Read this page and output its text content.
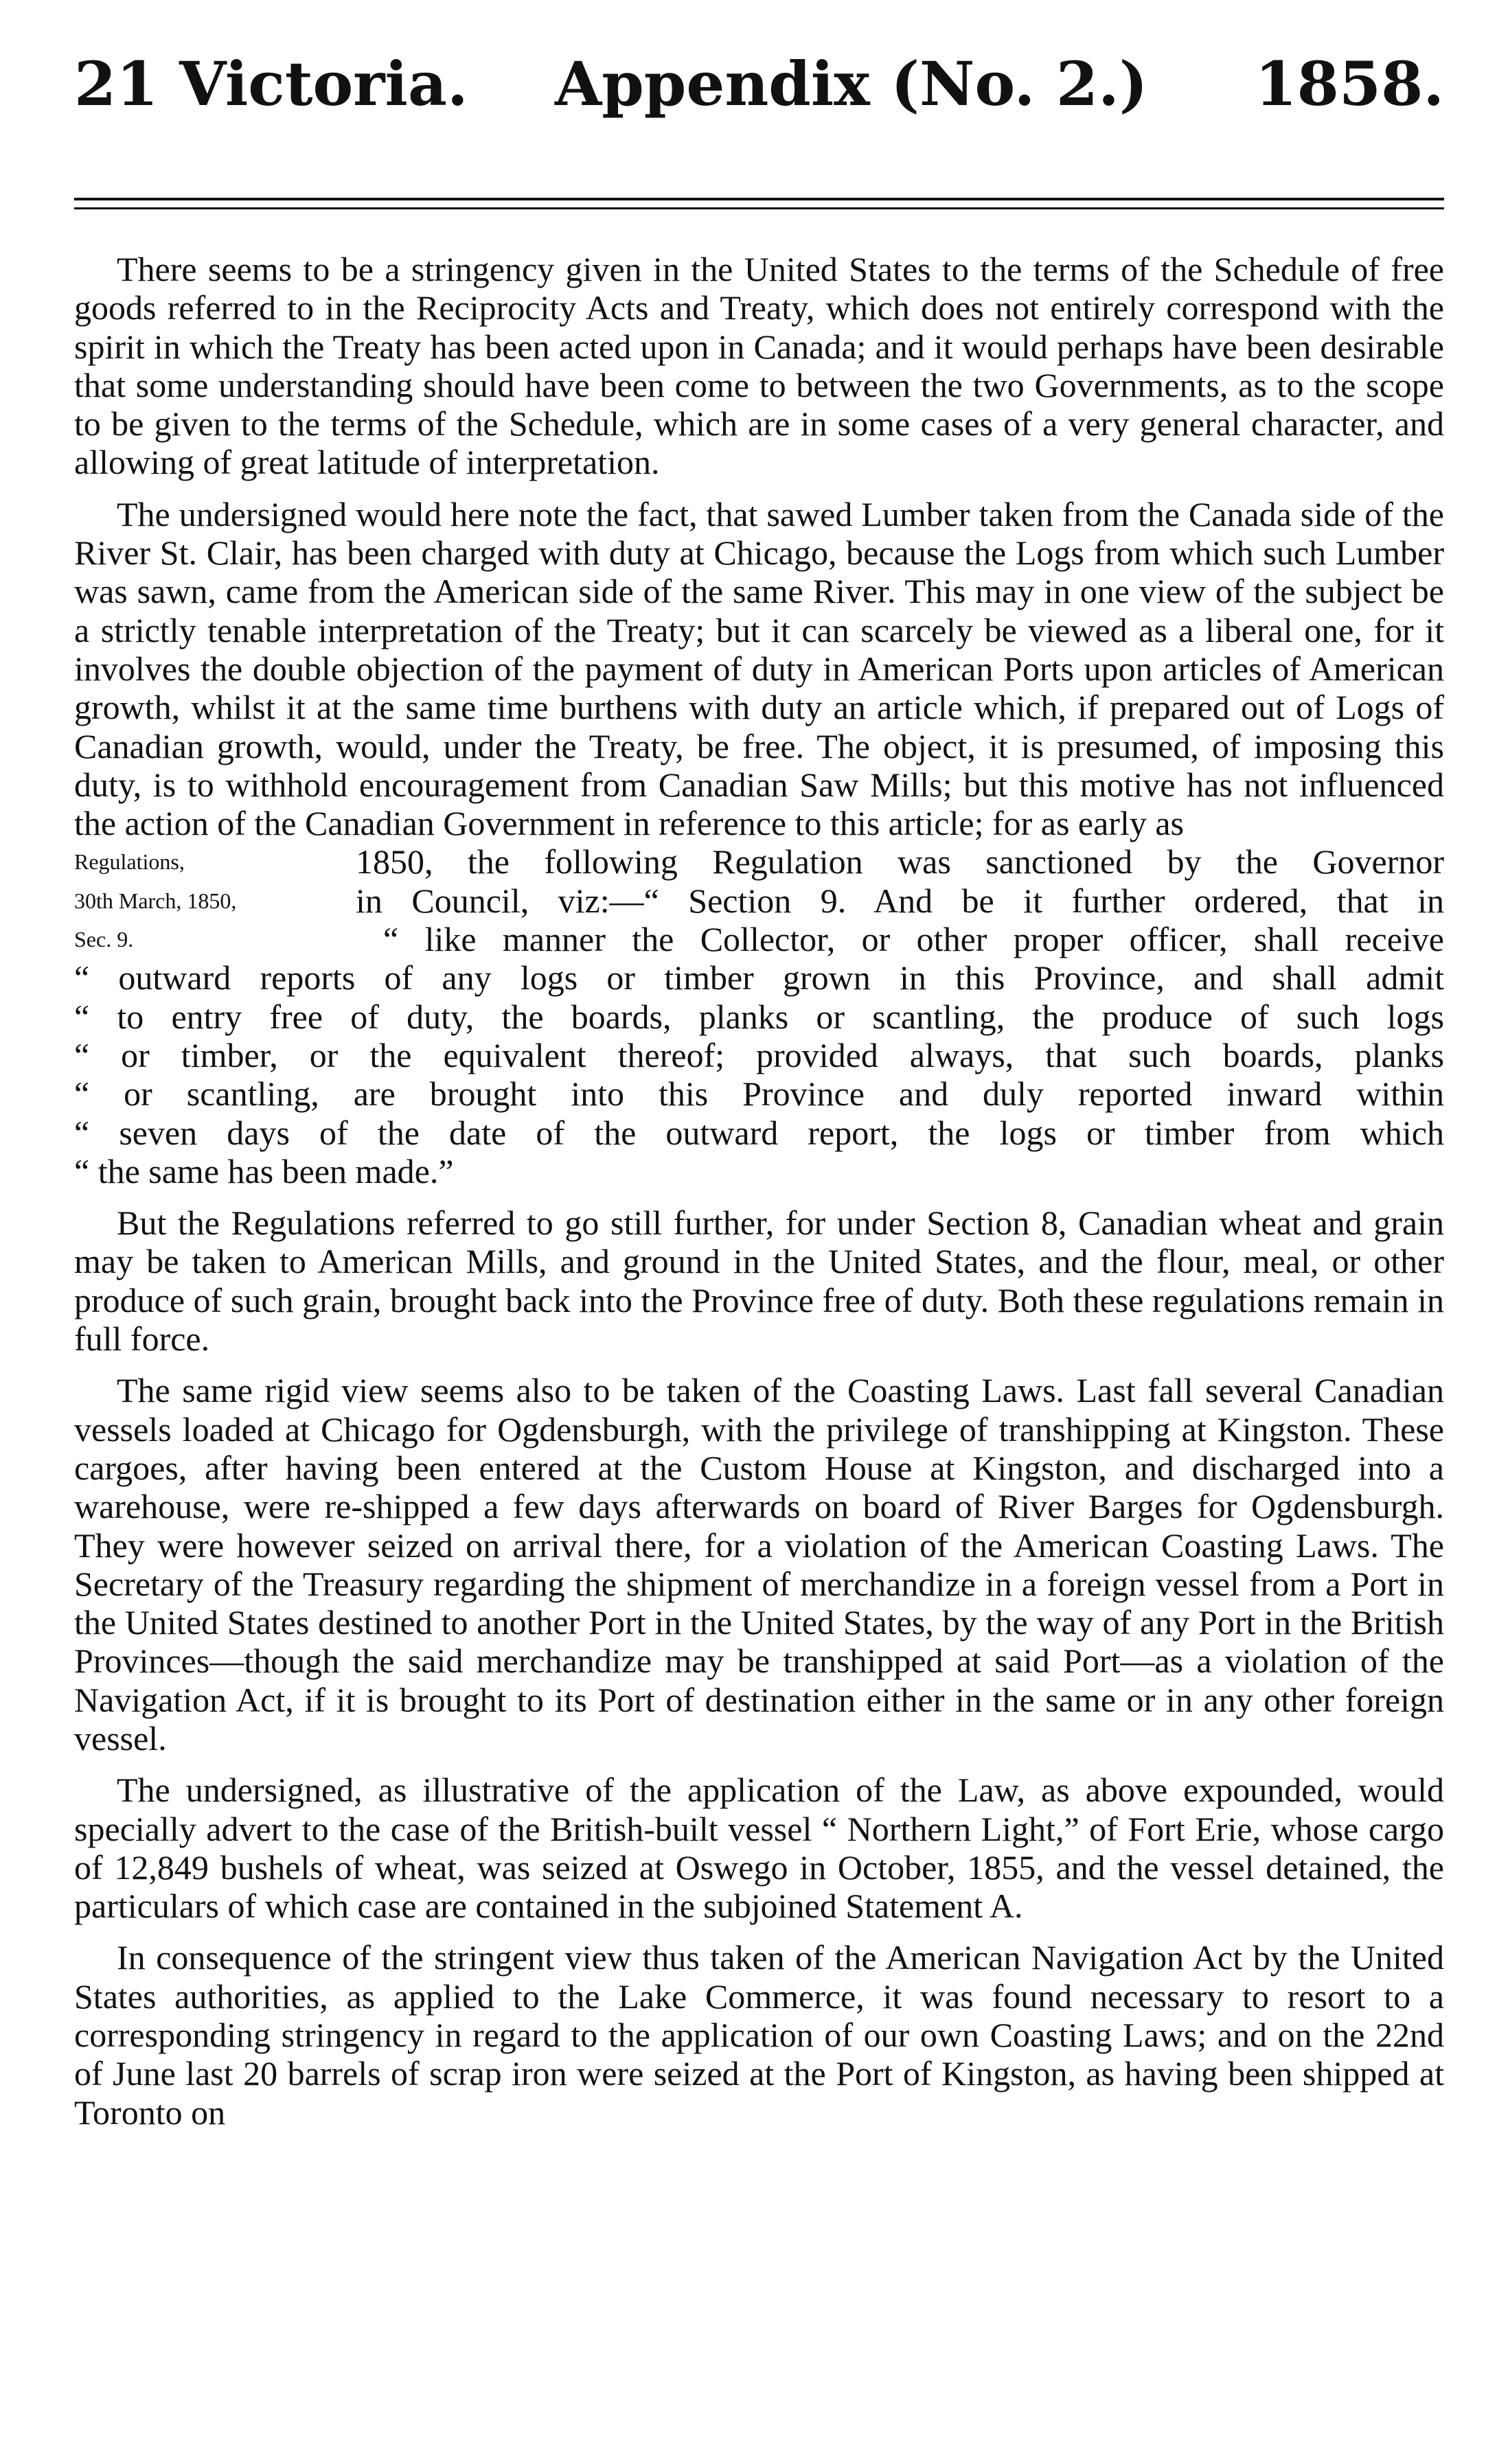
21 Victoria. Appendix (No. 2.) 1858.

There seems to be a stringency given in the United States to the terms of the Schedule of free goods referred to in the Reciprocity Acts and Treaty, which does not entirely correspond with the spirit in which the Treaty has been acted upon in Canada; and it would perhaps have been desirable that some understanding should have been come to between the two Governments, as to the scope to be given to the terms of the Schedule, which are in some cases of a very general character, and allowing of great latitude of interpretation.

The undersigned would here note the fact, that sawed Lumber taken from the Canada side of the River St. Clair, has been charged with duty at Chicago, because the Logs from which such Lumber was sawn, came from the American side of the same River. This may in one view of the subject be a strictly tenable interpretation of the Treaty; but it can scarcely be viewed as a liberal one, for it involves the double objection of the payment of duty in American Ports upon articles of American growth, whilst it at the same time burthens with duty an article which, if prepared out of Logs of Canadian growth, would, under the Treaty, be free. The object, it is presumed, of imposing this duty, is to withhold encouragement from Canadian Saw Mills; but this motive has not influenced the action of the Canadian Government in reference to this article; for as early as

Regulations,
30th March, 1850,
Sec. 9.
1850, the following Regulation was sanctioned by the Governor
in Council, viz:—“ Section 9. And be it further ordered, that in
“ like manner the Collector, or other proper officer, shall receive
“ outward reports of any logs or timber grown in this Province, and shall admit
“ to entry free of duty, the boards, planks or scantling, the produce of such logs
“ or timber, or the equivalent thereof; provided always, that such boards, planks
“ or scantling, are brought into this Province and duly reported inward within
“ seven days of the date of the outward report, the logs or timber from which
“ the same has been made.”

But the Regulations referred to go still further, for under Section 8, Canadian wheat and grain may be taken to American Mills, and ground in the United States, and the flour, meal, or other produce of such grain, brought back into the Province free of duty. Both these regulations remain in full force.

The same rigid view seems also to be taken of the Coasting Laws. Last fall several Canadian vessels loaded at Chicago for Ogdensburgh, with the privilege of transhipping at Kingston. These cargoes, after having been entered at the Custom House at Kingston, and discharged into a warehouse, were re-shipped a few days afterwards on board of River Barges for Ogdensburgh. They were however seized on arrival there, for a violation of the American Coasting Laws. The Secretary of the Treasury regarding the shipment of merchandize in a foreign vessel from a Port in the United States destined to another Port in the United States, by the way of any Port in the British Provinces—though the said merchandize may be transhipped at said Port—as a violation of the Navigation Act, if it is brought to its Port of destination either in the same or in any other foreign vessel.

The undersigned, as illustrative of the application of the Law, as above expounded, would specially advert to the case of the British-built vessel “ Northern Light,” of Fort Erie, whose cargo of 12,849 bushels of wheat, was seized at Oswego in October, 1855, and the vessel detained, the particulars of which case are contained in the subjoined Statement A.

In consequence of the stringent view thus taken of the American Navigation Act by the United States authorities, as applied to the Lake Commerce, it was found necessary to resort to a corresponding stringency in regard to the application of our own Coasting Laws; and on the 22nd of June last 20 barrels of scrap iron were seized at the Port of Kingston, as having been shipped at Toronto on
